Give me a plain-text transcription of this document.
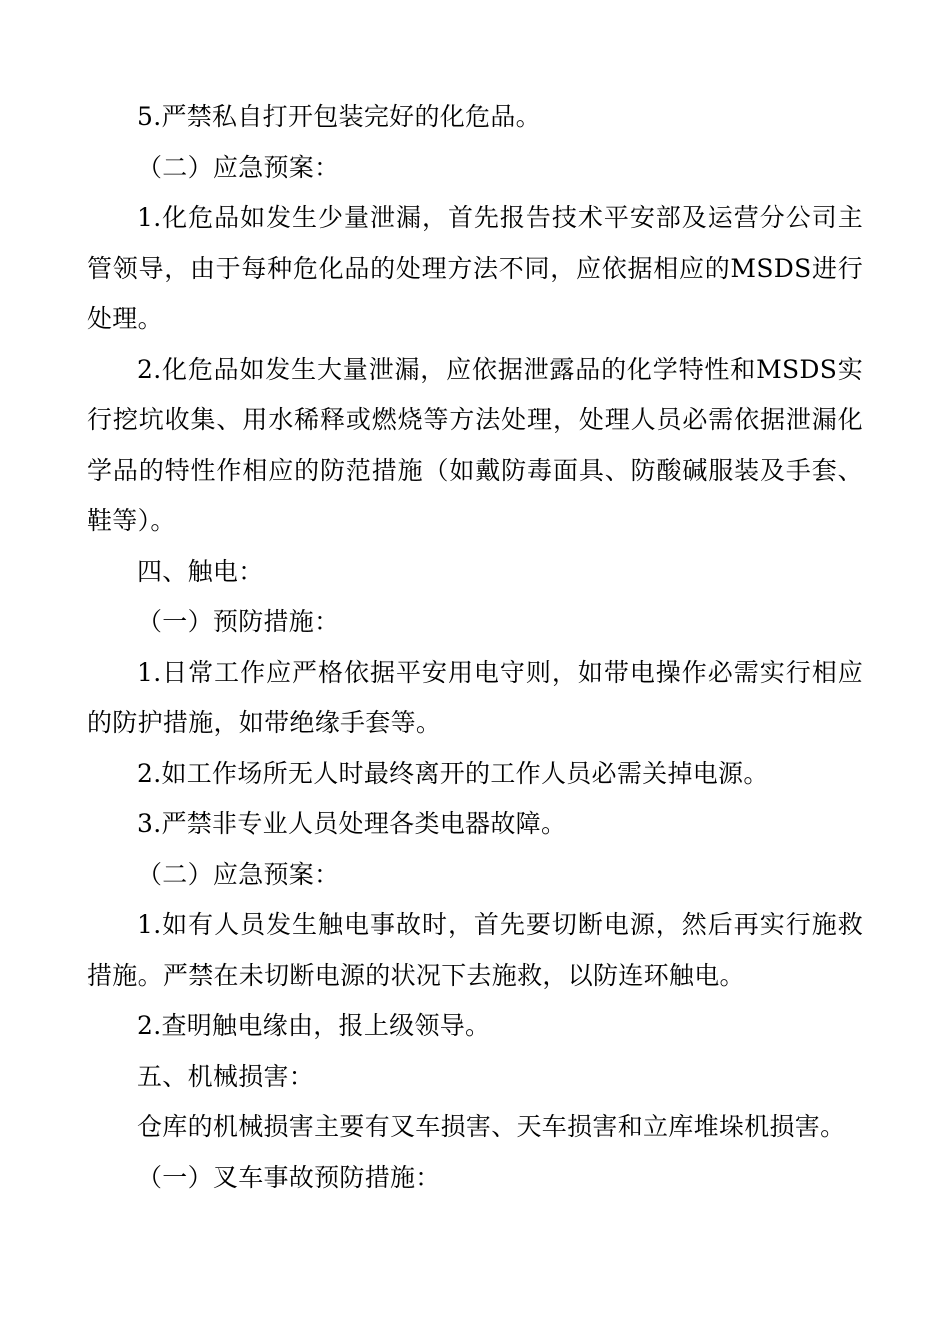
5.严禁私自打开包装完好的化危品。

（二）应急预案：

1.化危品如发生少量泄漏，首先报告技术平安部及运营分公司主管领导，由于每种危化品的处理方法不同，应依据相应的MSDS进行处理。

2.化危品如发生大量泄漏，应依据泄露品的化学特性和MSDS实行挖坑收集、用水稀释或燃烧等方法处理，处理人员必需依据泄漏化学品的特性作相应的防范措施（如戴防毒面具、防酸碱服装及手套、鞋等）。

四、触电：

（一）预防措施：

1.日常工作应严格依据平安用电守则，如带电操作必需实行相应的防护措施，如带绝缘手套等。

2.如工作场所无人时最终离开的工作人员必需关掉电源。

3.严禁非专业人员处理各类电器故障。

（二）应急预案：

1.如有人员发生触电事故时，首先要切断电源，然后再实行施救措施。严禁在未切断电源的状况下去施救，以防连环触电。

2.查明触电缘由，报上级领导。

五、机械损害：

仓库的机械损害主要有叉车损害、天车损害和立库堆垛机损害。

（一）叉车事故预防措施：
